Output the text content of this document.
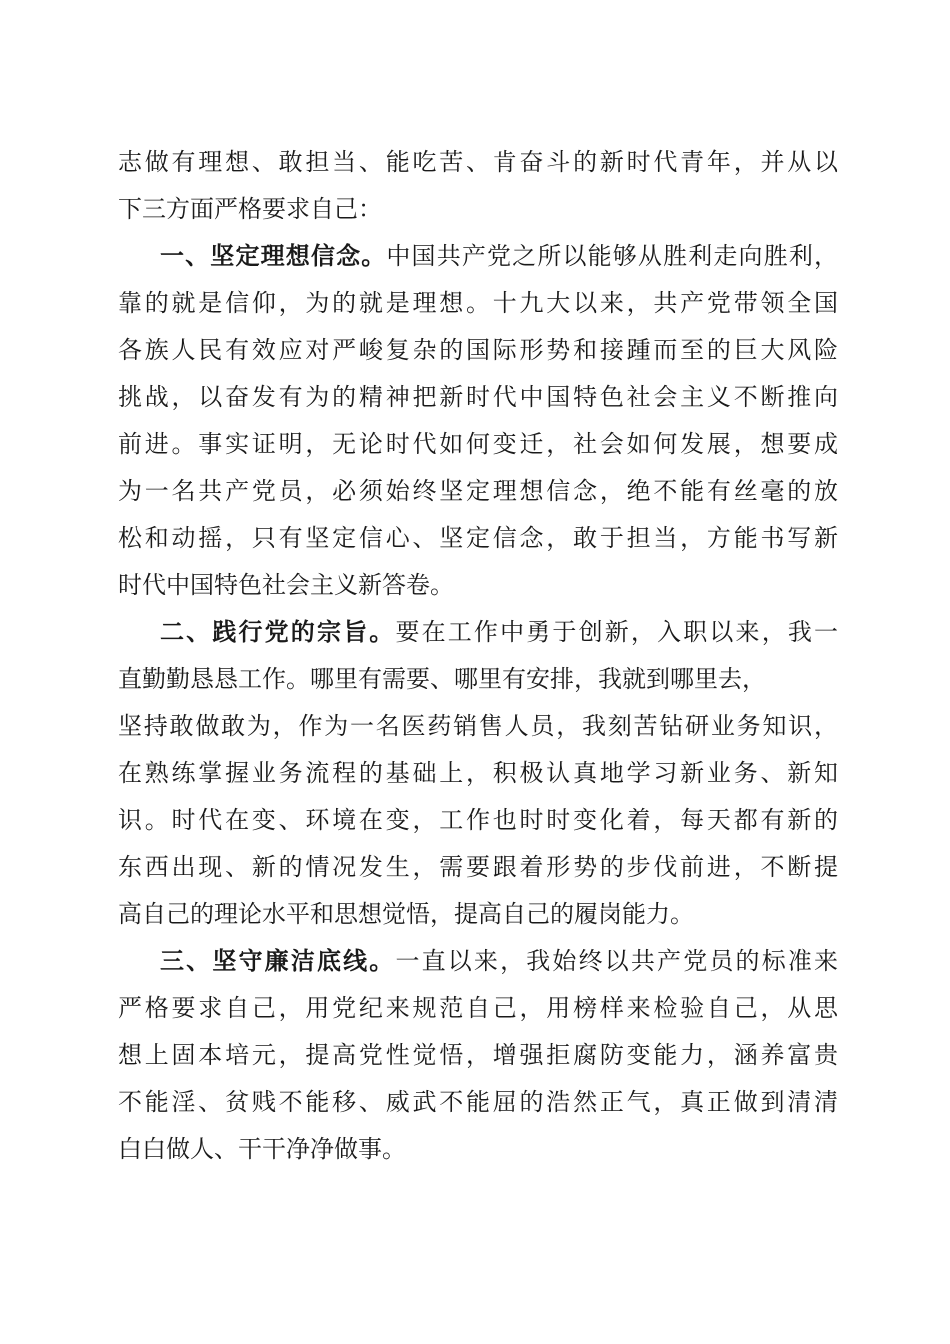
志做有理想、敢担当、能吃苦、肯奋斗的新时代青年，并从以
下三方面严格要求自己：
一、坚定理想信念。中国共产党之所以能够从胜利走向胜利，
靠的就是信仰，为的就是理想。十九大以来，共产党带领全国
各族人民有效应对严峻复杂的国际形势和接踵而至的巨大风险
挑战，以奋发有为的精神把新时代中国特色社会主义不断推向
前进。事实证明，无论时代如何变迁，社会如何发展，想要成
为一名共产党员，必须始终坚定理想信念，绝不能有丝毫的放
松和动摇，只有坚定信心、坚定信念，敢于担当，方能书写新
时代中国特色社会主义新答卷。
二、践行党的宗旨。要在工作中勇于创新，入职以来，我一
直勤勤恳恳工作。哪里有需要、哪里有安排，我就到哪里去，
坚持敢做敢为，作为一名医药销售人员，我刻苦钻研业务知识，
在熟练掌握业务流程的基础上，积极认真地学习新业务、新知
识。时代在变、环境在变，工作也时时变化着，每天都有新的
东西出现、新的情况发生，需要跟着形势的步伐前进，不断提
高自己的理论水平和思想觉悟，提高自己的履岗能力。
三、坚守廉洁底线。一直以来，我始终以共产党员的标准来
严格要求自己，用党纪来规范自己，用榜样来检验自己，从思
想上固本培元，提高党性觉悟，增强拒腐防变能力，涵养富贵
不能淫、贫贱不能移、威武不能屈的浩然正气，真正做到清清
白白做人、干干净净做事。
